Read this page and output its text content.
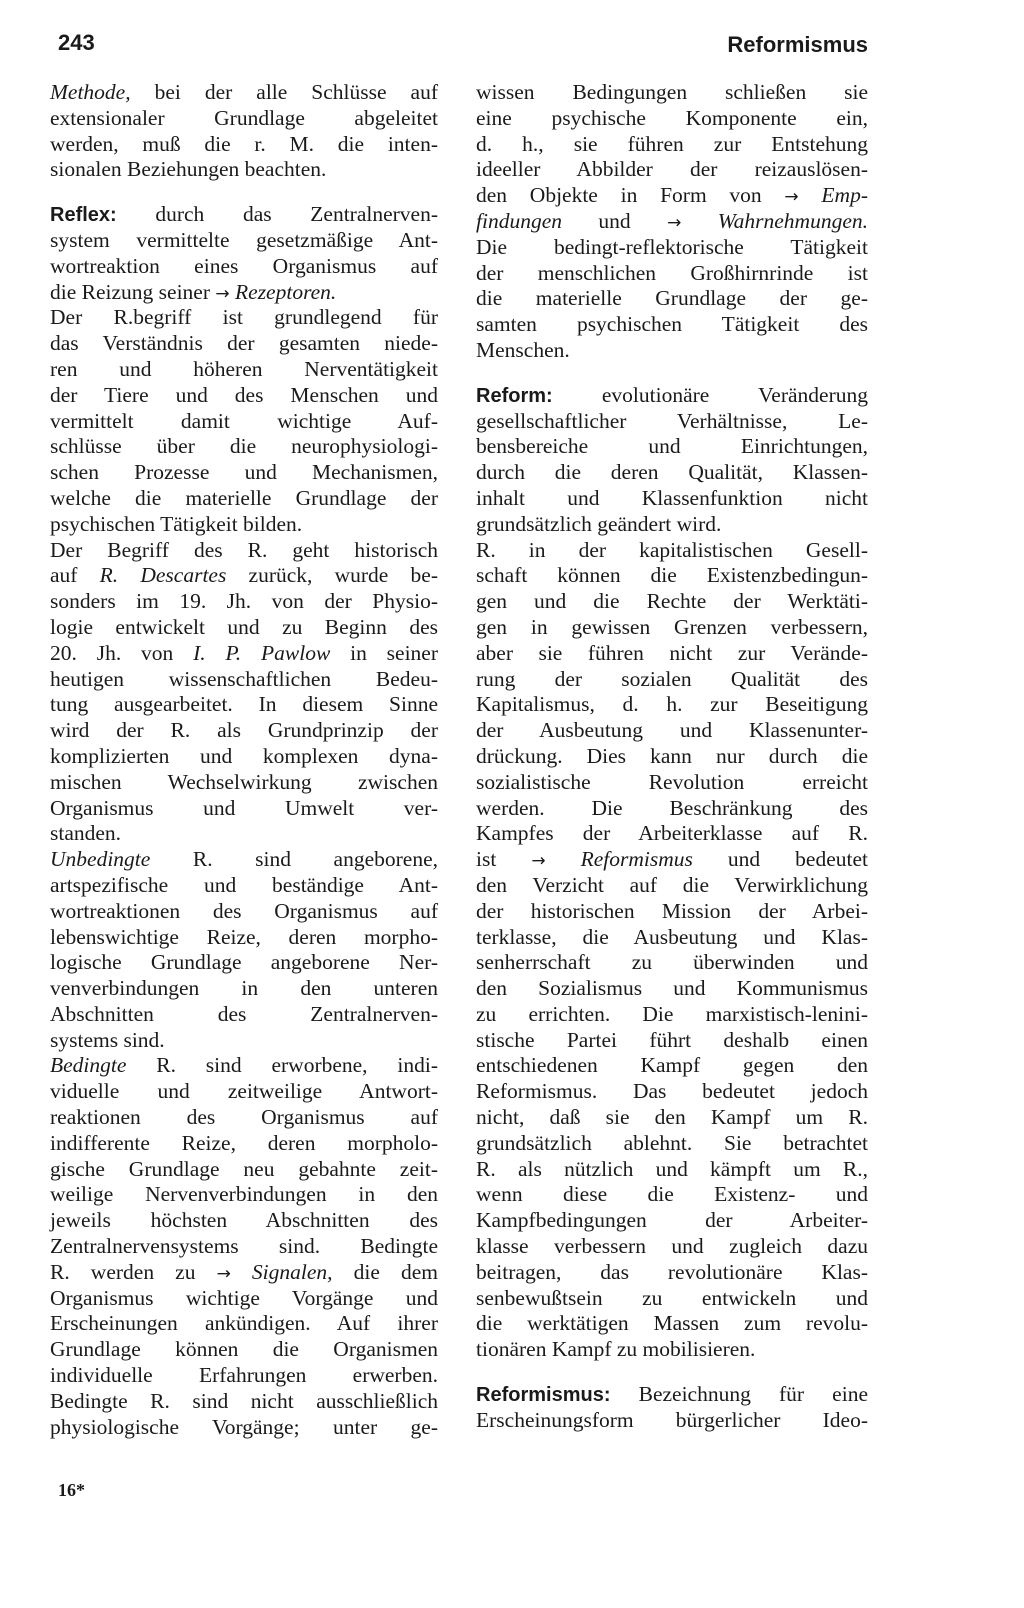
243	Reformismus
Methode, bei der alle Schlüsse auf
extensionaler Grundlage abgeleitet
werden, muß die r. M. die inten-
sionalen Beziehungen beachten.
Reflex: durch das Zentralnerven-
system vermittelte gesetzmäßige Ant-
wortreaktion eines Organismus auf
die Reizung seiner → Rezeptoren.
Der R.begriff ist grundlegend für
das Verständnis der gesamten niede-
ren und höheren Nerventätigkeit
der Tiere und des Menschen und
vermittelt damit wichtige Auf-
schlüsse über die neurophysiologi-
schen Prozesse und Mechanismen,
welche die materielle Grundlage der
psychischen Tätigkeit bilden.
Der Begriff des R. geht historisch
auf R. Descartes zurück, wurde be-
sonders im 19. Jh. von der Physio-
logie entwickelt und zu Beginn des
20. Jh. von I. P. Pawlow in seiner
heutigen wissenschaftlichen Bedeu-
tung ausgearbeitet. In diesem Sinne
wird der R. als Grundprinzip der
komplizierten und komplexen dyna-
mischen Wechselwirkung zwischen
Organismus und Umwelt ver-
standen.
Unbedingte R. sind angeborene,
artspezifische und beständige Ant-
wortreaktionen des Organismus auf
lebenswichtige Reize, deren morpho-
logische Grundlage angeborene Ner-
venverbindungen in den unteren
Abschnitten des Zentralnerven-
systems sind.
Bedingte R. sind erworbene, indi-
viduelle und zeitweilige Antwort-
reaktionen des Organismus auf
indifferente Reize, deren morpholo-
gische Grundlage neu gebahnte zeit-
weilige Nervenverbindungen in den
jeweils höchsten Abschnitten des
Zentralnervensystems sind. Bedingte
R. werden zu → Signalen, die dem
Organismus wichtige Vorgänge und
Erscheinungen ankündigen. Auf ihrer
Grundlage können die Organismen
individuelle Erfahrungen erwerben.
Bedingte R. sind nicht ausschließlich
physiologische Vorgänge; unter ge-
wissen Bedingungen schließen sie
eine psychische Komponente ein,
d. h., sie führen zur Entstehung
ideeller Abbilder der reizauslösen-
den Objekte in Form von → Emp-
findungen und → Wahrnehmungen.
Die bedingt-reflektorische Tätigkeit
der menschlichen Großhirnrinde ist
die materielle Grundlage der ge-
samten psychischen Tätigkeit des
Menschen.
Reform: evolutionäre Veränderung
gesellschaftlicher Verhältnisse, Le-
bensbereiche und Einrichtungen,
durch die deren Qualität, Klassen-
inhalt und Klassenfunktion nicht
grundsätzlich geändert wird.
R. in der kapitalistischen Gesell-
schaft können die Existenzbedingun-
gen und die Rechte der Werktäti-
gen in gewissen Grenzen verbessern,
aber sie führen nicht zur Verände-
rung der sozialen Qualität des
Kapitalismus, d. h. zur Beseitigung
der Ausbeutung und Klassenunter-
drückung. Dies kann nur durch die
sozialistische Revolution erreicht
werden. Die Beschränkung des
Kampfes der Arbeiterklasse auf R.
ist → Reformismus und bedeutet
den Verzicht auf die Verwirklichung
der historischen Mission der Arbei-
terklasse, die Ausbeutung und Klas-
senherrschaft zu überwinden und
den Sozialismus und Kommunismus
zu errichten. Die marxistisch-lenini-
stische Partei führt deshalb einen
entschiedenen Kampf gegen den
Reformismus. Das bedeutet jedoch
nicht, daß sie den Kampf um R.
grundsätzlich ablehnt. Sie betrachtet
R. als nützlich und kämpft um R.,
wenn diese die Existenz- und
Kampfbedingungen der Arbeiter-
klasse verbessern und zugleich dazu
beitragen, das revolutionäre Klas-
senbewußtsein zu entwickeln und
die werktätigen Massen zum revolu-
tionären Kampf zu mobilisieren.
Reformismus: Bezeichnung für eine
Erscheinungsform bürgerlicher Ideo-
16*
